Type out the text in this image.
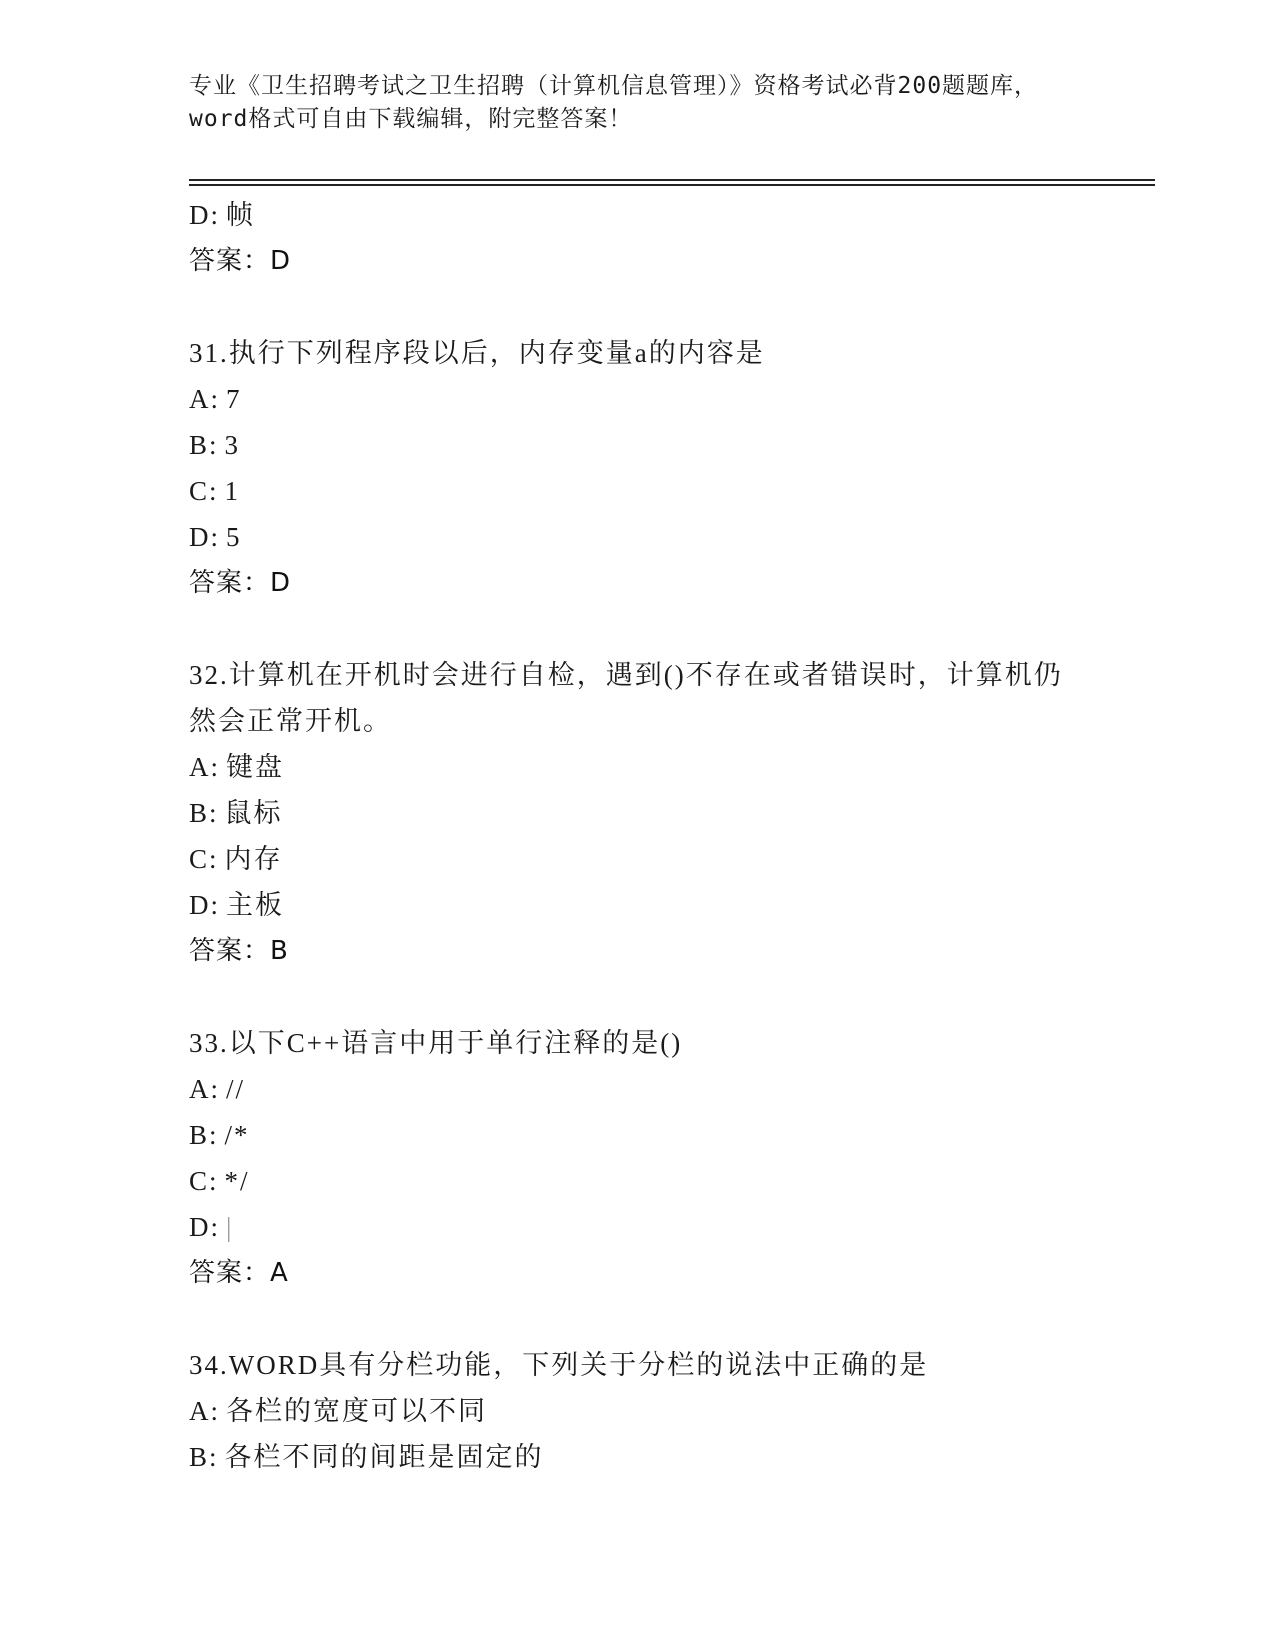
专业《卫生招聘考试之卫生招聘（计算机信息管理）》资格考试必背200题题库，
word格式可自由下载编辑，附完整答案！
D: 帧
答案：D
31.执行下列程序段以后，内存变量a的内容是
A: 7
B: 3
C: 1
D: 5
答案：D
32.计算机在开机时会进行自检，遇到()不存在或者错误时，计算机仍然会正常开机。
A: 键盘
B: 鼠标
C: 内存
D: 主板
答案：B
33.以下C++语言中用于单行注释的是()
A: //
B: /*
C: */
D: |
答案：A
34.WORD具有分栏功能，下列关于分栏的说法中正确的是
A: 各栏的宽度可以不同
B: 各栏不同的间距是固定的
